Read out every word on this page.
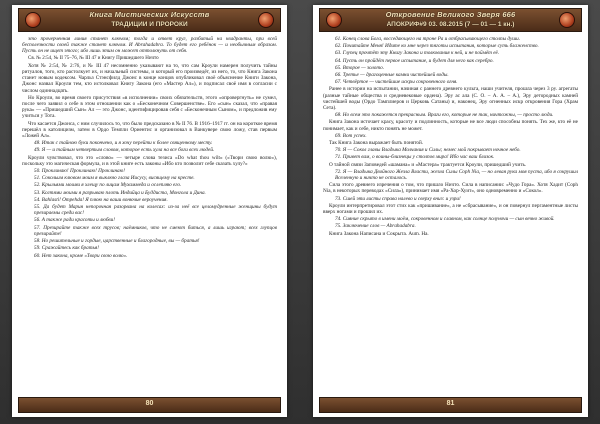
Книга Мистических Искусств
ТРАДИЦИИ И ПРОРОКИ

это прочерченная линия станет ключом; тогда и ответ круг, разбитый на квадранты, при всей бесполезности своей также станет ключом. И Abrahadabra. То будет его ребёнок — и необычным образом. Пусть он не ищет этого; ибо лишь этим он может оттолкнуть от себя.

Св. № 2:54, № II 75–76, № III 47 и Книгу Пришедшего Ничто

Хотя № 2:54, № 2:76, и № III 47 несомненно указывают на то, что сам Кроули намерен получить тайны ритуалов, того, кто растолкует их, и начальный системы, и который его произведёт, из него, то, что Книга Закона станет новым кодексом. Чарльз Стэнсфилд Джонс в конце концов опубликовал своё объяснение Книги Закона, Джонс назвал Кроули тем, кто истолковал Книгу Закона (его «Мастер Ал»), и подписал своё имя в согласии с числом одиннадцать.

Но Кроули, во время своего присутствия «в исполнении» своих обязательств, этого «опровергнуть» не сумел, после чего заявил о себе в этом отношении как о «Бесконечном Совершенстве». Его «сын» сказал, что «правая рука» — «Пришедший Сын» Ал — это Джонс, идентифицировав себя с «Бесконечным Сыном», и предложив ему учиться у Тота.

Что касается Джонса, с ним случилось то, что было предсказано в № II 76. В 1916–1917 гг. он на короткое время перешёл в католицизм, затем в Ордо Темпли Ориентис и организовал в Ванкувере свою ложу, став первым «Ложей Ал».

48. Итак с тайною буки покончено, и я хочу перейти к более священному месту.

49. Я — и тайным четвертым словом, которое есть хула на все боги всех людей.

Кроули чувствовал, что это «слово» — четыре слова тезиса «Do what thou wilt» («Твори свою волю»), поскольку это магическая формула, и в этой книге есть законы «Ибо кто позволит себе сказать хулу?»

50. Проклинаю! Проклинаю! Проклинаю!

51. Сокольим клювом моим я выклюю глаза Иисусу, висящему на кресте.

52. Крыльями моими я хлещу по лицам Мухаммеда и ослепляю его.

53. Когтями моими я разрываю плоть Индийца и Буддиста, Монгола и Дина.

54. Bahlasti! Ompehda! Я плюю на ваши вонючие вероучения.

55. Да будет Мария непорочная разорвана на колесах: из-за неё все целомудренные женщины будут презираемы среди вас!

56. А также ради красоты и любви!

57. Презирайте также всех трусов; наёмников, что не смеют биться, а лишь играют; всех глупцов презирайте!

58. Но решительные и гордые, царственные и благородные, вы — братья!

59. Сражайтесь как братья!

60. Нет закона, кроме «Твори свою волю».

80
Откровение Великого Зверя 666
АПОКРИФ#9 03. 08.2015 (7 — 01 — 1 кн.)

61. Конец слова Бога, восседающего на троне Ра и отбрасывающего столпы души.

62. Почитайте Меня! Идите ко мне через тяготы испытания, которые суть блаженство.

63. Глупец прочтёт эту Книгу Закона и толкования к ней, и не поймёт её.

64. Пусть он пройдёт первое испытание, и будет для него как серебро.

65. Второе — золото.

66. Третье — драгоценные камни чистейшей воды.

67. Четвёртое — чистейшие искры сокровенного огня.

Ранее в истории на испытании, начиная с раннего древнего культа, наши учителя, прошла через 3 ру. агрегаты (разные тайные общества и средневековые ордена). Эру ас ала (С. О. – А. А. – А.), Эру детородных камней чистейшей воды (Ордо Тамплиеров и Церковь Сатаны) и, наконец, Эру огненных искр откровения Гора (Храм Сета).

68. Но всем это покажется прекрасным. Враги его, которые не так, ничтожны, — просто люди.

Книга Закона источает красу, красоту и подлинность, которые не все люди способны понять. Тех же, кто её не понимает, как и себе, никто понять не может.

69. Вот успех.

Так Книга Закона выражает быть понятой.

70. Я — Сокол главы Владыка Молчания и Силы; немес мой покрывает ночное небо.

71. Привет вам, о воины-близнецы у столпов мира! Ибо час ваш близок.

О тайной связи Заповедей «шамана» и «Мастера» трактуется Кроули, пришедший учить.

72. Я — Владыка Двойного Жезла Власти, жезла Силы Coph Nia, — но левая рука моя пуста, ибо я сокрушил Вселенную и ничто не осталось.

Сила этого древнего изречения о том, что пришло Ничто. Сила в написании: «Чудо Гора». Хотя Хадит (Coph Nia, в некоторых переводах «Сила»), принимает имя «Ра-Хор-Хуит», оно одновременно и «Сокол».

73. Сшей эти листы справа налево и сверху вниз: и узри!

Кроули интерпретировал этот стих как «пришивание», а не «сбрасывание», и он повернул пергаментные листы вверх ногами и прошил их.

74. Сияние скрыто в имени моём, сокровенном и славном, как солнце полуночи — сын вечно живой.

75. Заключение слов — Abrahadabra.

Книга Закона Написана и Сокрыта. Aum. Ha.

81
